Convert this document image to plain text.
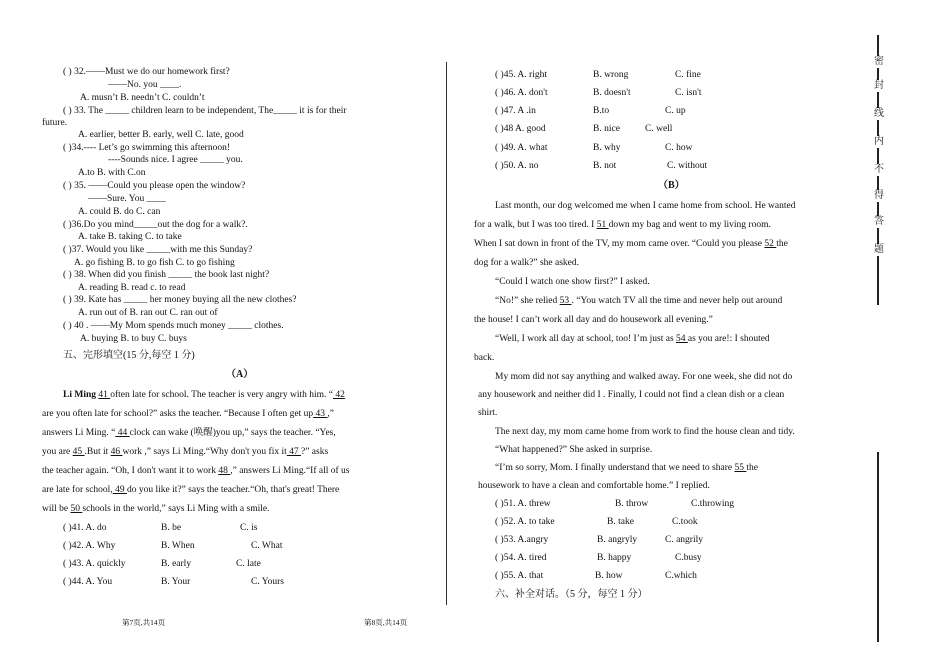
( ) 32.——Must we do our homework first?
——No. you ____.
A. musn’t B. needn’t C. couldn’t
( ) 33. The _____ children learn to be independent, The_____ it is for their
future.
A. earlier, better B. early, well C. late, good
( )34.---- Let’s go swimming this afternoon!
----Sounds nice. I agree _____ you.
A.to B. with C.on
( ) 35. ——Could you please open the window?
——Sure. You ____
A. could B. do C. can
( )36.Do you mind_____out the dog for a walk?.
A. take B. taking C. to take
( )37. Would you like _____with me this Sunday?
A. go fishing B. to go fish C. to go fishing
( ) 38. When did you finish _____ the book last night?
A. reading B. read c. to read
( ) 39. Kate has _____ her money buying all the new clothes?
A. run out of B. ran out C. ran out of
( ) 40 . ——My Mom spends much money _____ clothes.
A. buying B. to buy C. buys
五、完形填空(15 分,每空 1 分)
（A）
Li Ming 41 often late for school. The teacher is very angry with him. “ 42
are you often late for school?” asks the teacher. “Because I often get up 43 ,”
answers Li Ming. “ 44 clock can wake (唤醒)you up,” says the teacher. “Yes,
you are 45 .But it 46 work ,” says Li Ming.“Why don't you fix it 47 ?” asks
the teacher again. “Oh, I don't want it to work 48 ,” answers Li Ming.“If all of us
are late for school, 49 do you like it?” says the teacher.“Oh, that's great! There
will be 50 schools in the world,” says Li Ming with a smile.
( )41. A. do	B. be	C. is
( )42. A. Why	B. When	C. What
( )43. A. quickly	B. early	C. late
( )44. A. You	B. Your	C. Yours
第7页,共14页
( )45. A. right	B. wrong	C. fine
( )46. A. don't	B. doesn't	C. isn't
( )47. A .in	B.to	C. up
( )48 A. good	B. nice	C. well
( )49. A. what	B. why	C. how
( )50. A. no	B. not	C. without
（B）
Last month, our dog welcomed me when I came home from school. He wanted
for a walk, but I was too tired. I 51 down my bag and went to my living room.
When I sat down in front of the TV, my mom came over. “Could you please 52 the
dog for a walk?” she asked.
“Could I watch one show first?” I asked.
“No!” she relied 53 . “You watch TV all the time and never help out around
the house! I can’t work all day and do housework all evening.”
“Well, I work all day at school, too! I’m just as 54 as you are!: I shouted
back.
My mom did not say anything and walked away. For one week, she did not do
any housework and neither did I . Finally, I could not find a clean dish or a clean
shirt.
The next day, my mom came home from work to find the house clean and tidy.
“What happened?” She asked in surprise.
“I’m so sorry, Mom. I finally understand that we need to share 55 the
housework to have a clean and comfortable home.” I replied.
( )51. A. threw	B. throw	C.throwing
( )52. A. to take	B. take	C.took
( )53. A.angry	B. angryly	C. angrily
( )54. A. tired	B. happy	C.busy
( )55. A. that	B. how	C.which
六、补全对话。（5 分，每空 1 分）
第8页,共14页
密
封
线
内
不
得
答
题
